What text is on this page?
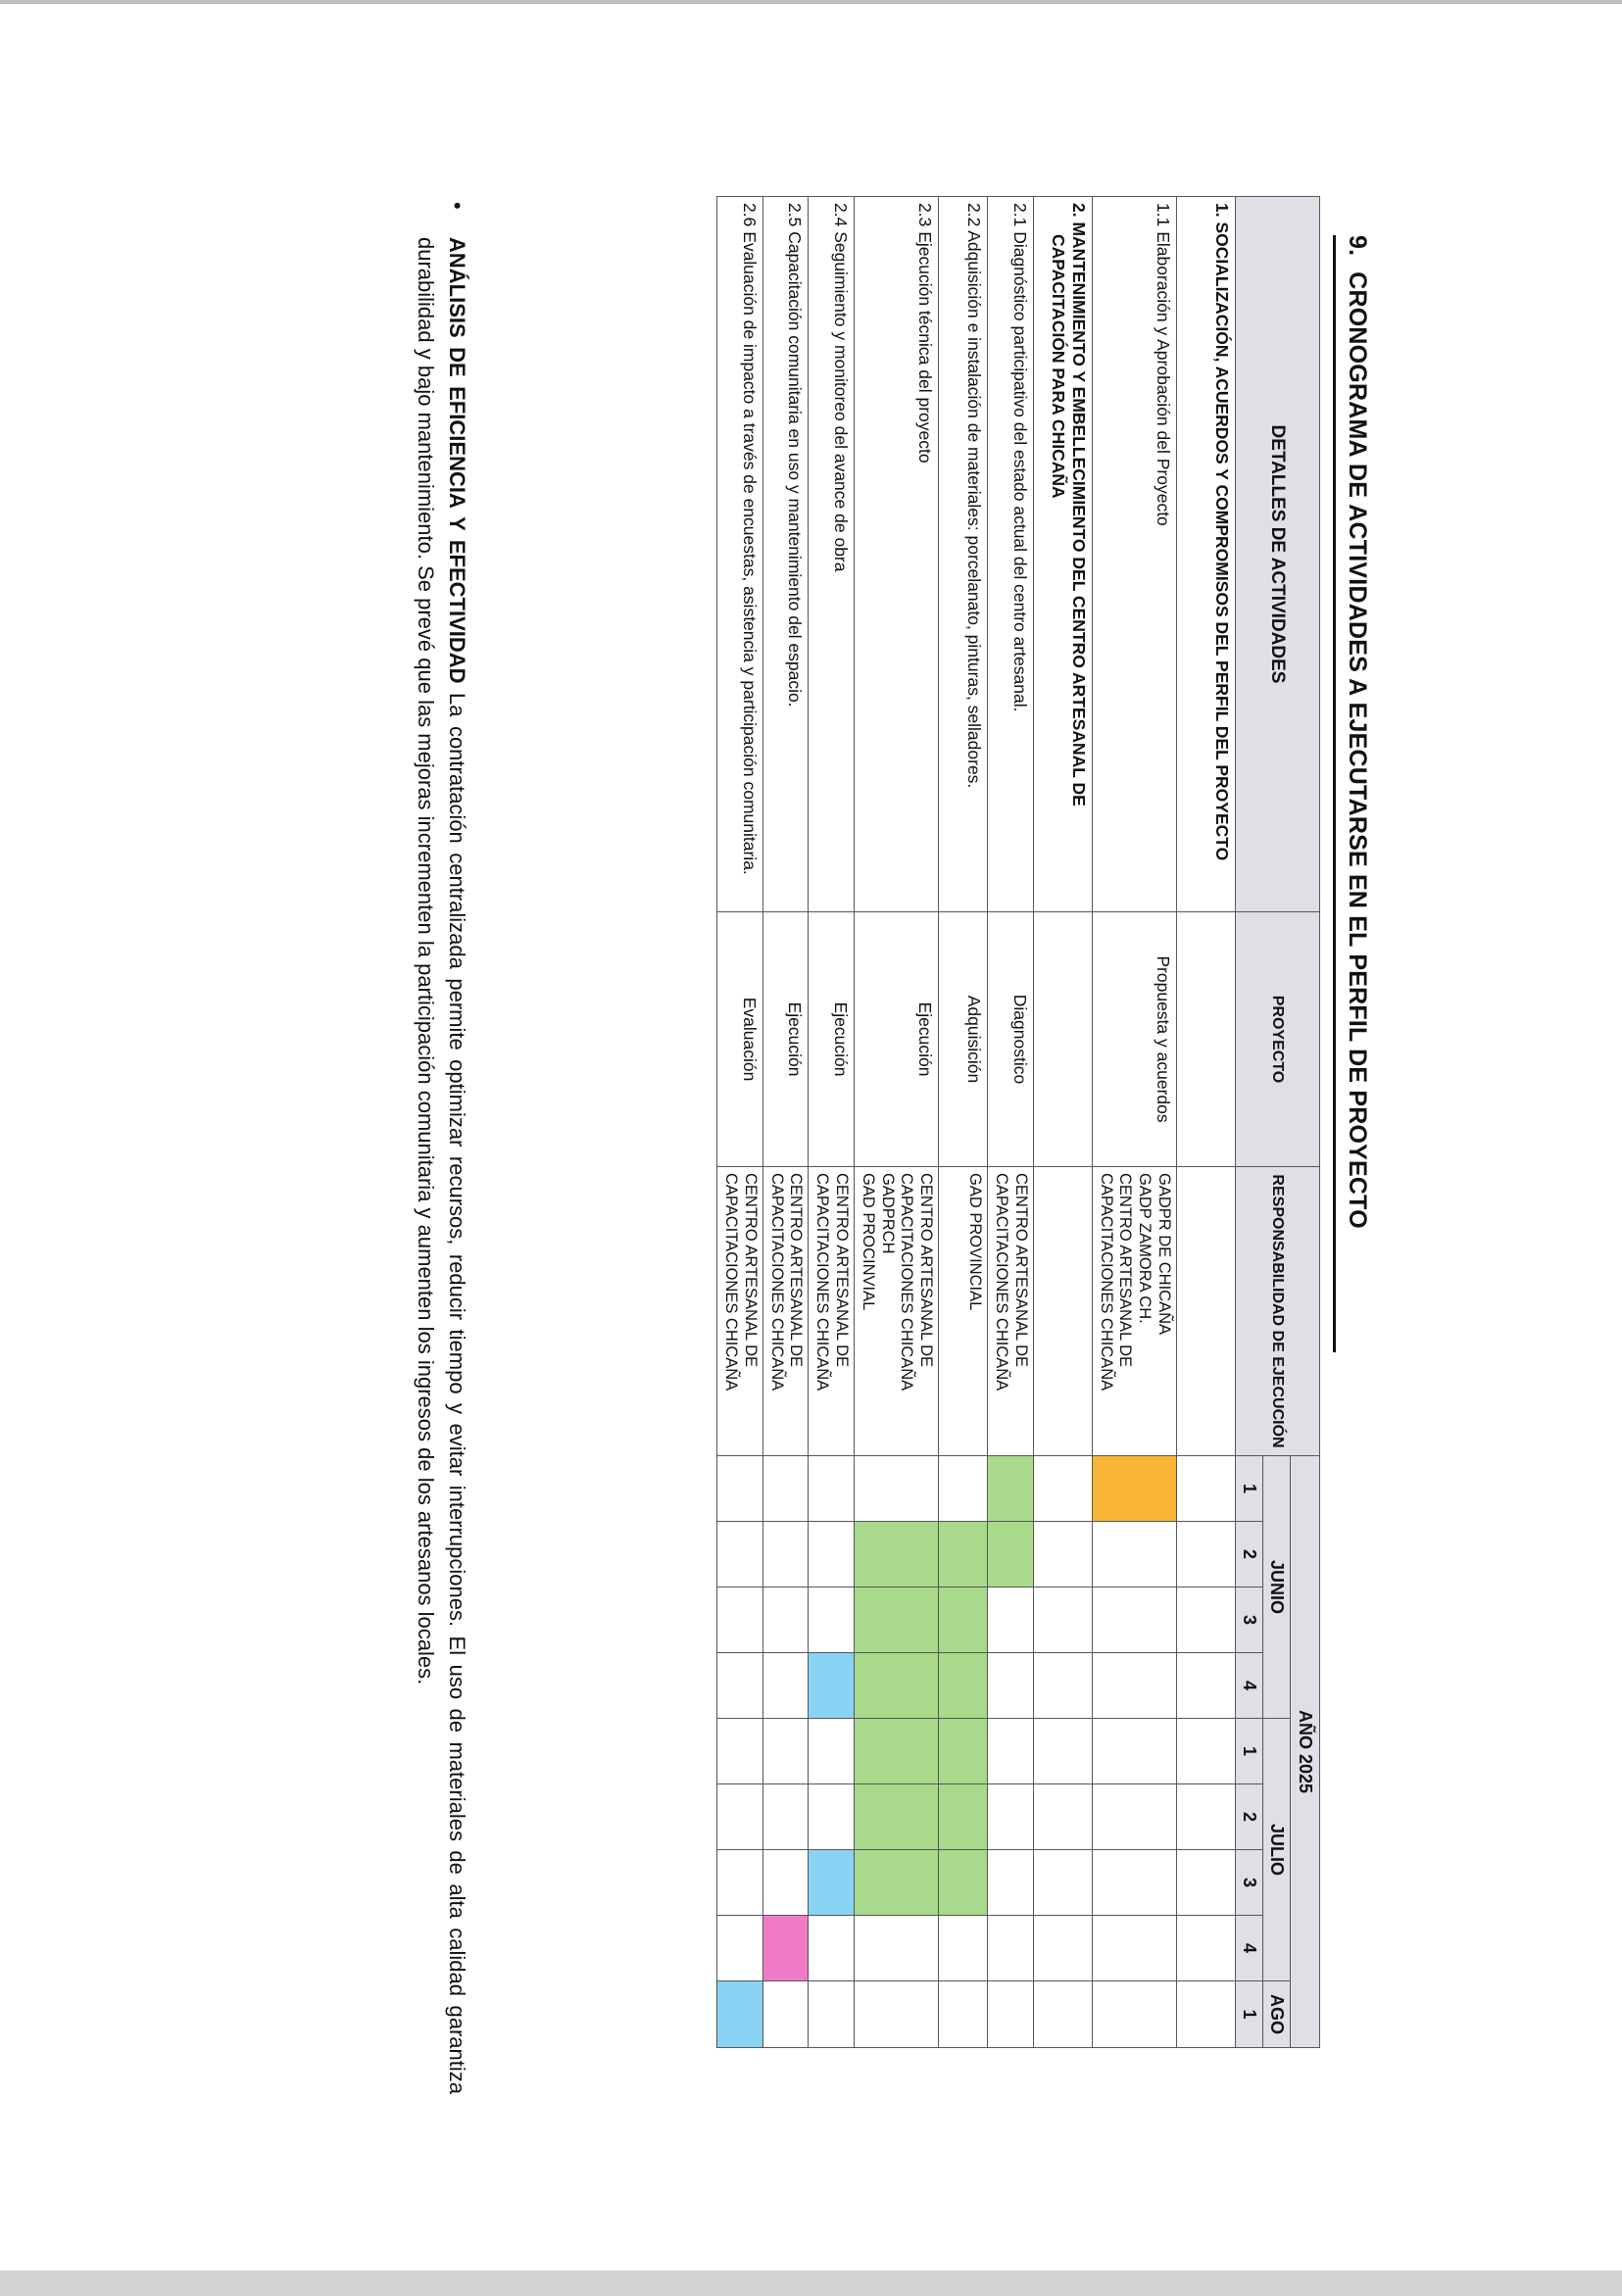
9.CRONOGRAMA DE ACTIVIDADES A EJECUTARSE EN EL PERFIL DE PROYECTO
DETALLES DE ACTIVIDADES	PROYECTO	RESPONSABILIDAD DE EJECUCIÓN	AÑO 2025								
			JUNIO				JULIO				AGO
			1	2	3	4	1	2	3	4	1

1. SOCIALIZACIÓN, ACUERDOS Y COMPROMISOS DEL PERFIL DEL PROYECTO											

1.1 Elaboración y Aprobación del Proyecto	Propuesta y acuerdos	GADPR DE CHICAÑA
GADP ZAMORA CH.
CENTRO ARTESANAL DE
CAPACITACIONES CHICAÑA									

2. MANTENIMIENTO Y EMBELLECIMIENTO DEL CENTRO ARTESANAL DE CAPACITACIÓN PARA CHICAÑA											

2.1 Diagnóstico participativo del estado actual del centro artesanal.	Diagnostico	CENTRO ARTESANAL DE
CAPACITACIONES CHICAÑA									

2.2 Adquisición e instalación de materiales: porcelanato, pinturas, selladores.	Adquisición	GAD PROVINCIAL									

2.3 Ejecución técnica del proyecto	Ejecución	CENTRO ARTESANAL DE
CAPACITACIONES CHICAÑA
GADPRCH
GAD PROCINVIAL									

2.4 Seguimiento y monitoreo del avance de obra	Ejecución	CENTRO ARTESANAL DE
CAPACITACIONES CHICAÑA									

2.5 Capacitación comunitaria en uso y mantenimiento del espacio.	Ejecución	CENTRO ARTESANAL DE
CAPACITACIONES CHICAÑA									

2.6 Evaluación de impacto a través de encuestas, asistencia y participación comunitaria.	Evaluación	CENTRO ARTESANAL DE
CAPACITACIONES CHICAÑA									

•
ANÁLISIS DE EFICIENCIA Y EFECTIVIDAD La contratación centralizada permite optimizar recursos, reducir tiempo y evitar interrupciones. El uso de materiales de alta calidad garantiza durabilidad y bajo mantenimiento. Se prevé que las mejoras incrementen la participación comunitaria y aumenten los ingresos de los artesanos locales.
